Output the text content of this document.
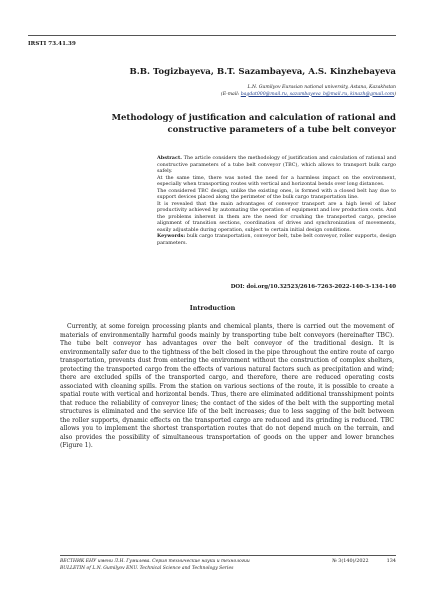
IRSTI 73.41.39
B.B. Togizbayeva, B.T. Sazambayeva, A.S. Kinzhebayeva
L.N. Gumilyov Eurasian national university, Astana, Kazakhstan
(E-mail: bagdat000@mail.ru, sazambayeva_b@mail.ru, kinazh@gmail.com)
Methodology of justification and calculation of rational and constructive parameters of a tube belt conveyor

Abstract. The article considers the methodology of justification and calculation of rational and constructive parameters of a tube belt conveyor (TBC), which allows to transport bulk cargo safely.

At the same time, there was noted the need for a harmless impact on the environment, especially when transporting routes with vertical and horizontal bends over long distances.

The considered TBC design, unlike the existing ones, is formed with a closed belt hay due to support devices placed along the perimeter of the bulk cargo transportation line.

It is revealed that the main advantages of conveyor transport are a high level of labor productivity achieved by automating the operation of equipment and low production costs. And the problems inherent in them are the need for crushing the transported cargo, precise alignment of transition sections, coordination of drives and synchronization of movements, easily adjustable during operation, subject to certain initial design conditions.

Keywords: bulk cargo transportation, conveyor belt, tube belt conveyor, roller supports, design parameters.

DOI: doi.org/10.32523/2616-7263-2022-140-3-134-140
Introduction

Currently, at some foreign processing plants and chemical plants, there is carried out the movement of materials of environmentally harmful goods mainly by transporting tube belt conveyors (hereinafter TBC). The tube belt conveyor has advantages over the belt conveyor of the traditional design. It is environmentally safer due to the tightness of the belt closed in the pipe throughout the entire route of cargo transportation, prevents dust from entering the environment without the construction of complex shelters, protecting the transported cargo from the effects of various natural factors such as precipitation and wind; there are excluded spills of the transported cargo, and therefore, there are reduced operating costs associated with cleaning spills. From the station on various sections of the route, it is possible to create a spatial route with vertical and horizontal bends. Thus, there are eliminated additional transshipment points that reduce the reliability of conveyor lines; the contact of the sides of the belt with the supporting metal structures is eliminated and the service life of the belt increases; due to less sagging of the belt between the roller supports, dynamic effects on the transported cargo are reduced and its grinding is reduced. TBC allows you to implement the shortest transportation routes that do not depend much on the terrain, and also provides the possibility of simultaneous transportation of goods on the upper and lower branches (Figure 1).

ВЕСТНИК ЕНУ имени Л.Н. Гумилева. Серия технические науки и технологии
BULLETIN of L.N. Gumilyov ENU. Technical Science and Technology Series
№ 3(140)/2022	134
